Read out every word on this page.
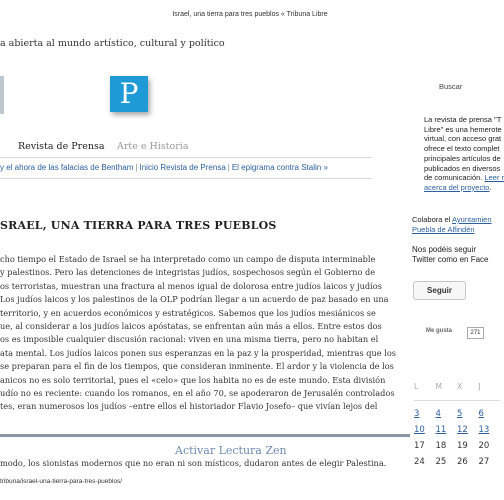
Israel, una tierra para tres pueblos « Tribuna Libre
a abierta al mundo artístico, cultural y político
P
Revista de Prensa Arte e Historia
y el ahora de las falacias de Bentham | Inicio Revista de Prensa | El epigrama contra Stalin »
SRAEL, UNA TIERRA PARA TRES PUEBLOS
cho tiempo el Estado de Israel se ha interpretado como un campo de disputa interminable
y palestinos. Pero las detenciones de integristas judíos, sospechosos según el Gobierno de
os terroristas, muestran una fractura al menos igual de dolorosa entre judíos laicos y judíos
Los judíos laicos y los palestinos de la OLP podrían llegar a un acuerdo de paz basado en una
territorio, y en acuerdos económicos y estratégicos. Sabemos que los judíos mesiánicos se
ue, al considerar a los judíos laicos apóstatas, se enfrentan aún más a ellos. Entre estos dos
os es imposible cualquier discusión racional: viven en una misma tierra, pero no habitan el
ata mental. Los judíos laicos ponen sus esperanzas en la paz y la prosperidad, mientras que los
se preparan para el fin de los tiempos, que consideran inminente. El ardor y la violencia de los
anicos no es solo territorial, pues el «celo» que los habita no es de este mundo. Esta división
udío no es reciente: cuando los romanos, en el año 70, se apoderaron de Jerusalén controlados
tes, eran numerosos los judíos –entre ellos el historiador Flavio Josefo– que vivían lejos del
modo, los sionistas modernos que no eran ni son místicos, dudaron antes de elegir Palestina.
Activar Lectura Zen
tribuna/israel-una-tierra-para-tres-pueblos/
Buscar
La revista de prensa "T
Libre" es una hemerote
virtual, con acceso grat
ofrece el texto complet
principales artículos de
publicados en diversos
de comunicación. Leer r
acerca del proyecto.
Colabora el Ayuntamien
Puebla de Alfindén
Nos podéis seguir
Twitter como en Face
Seguir
Me gusta	271
L	M	X	J
3	4	5	6
10	11	12	13
17	18	19	20
24	25	26	27
